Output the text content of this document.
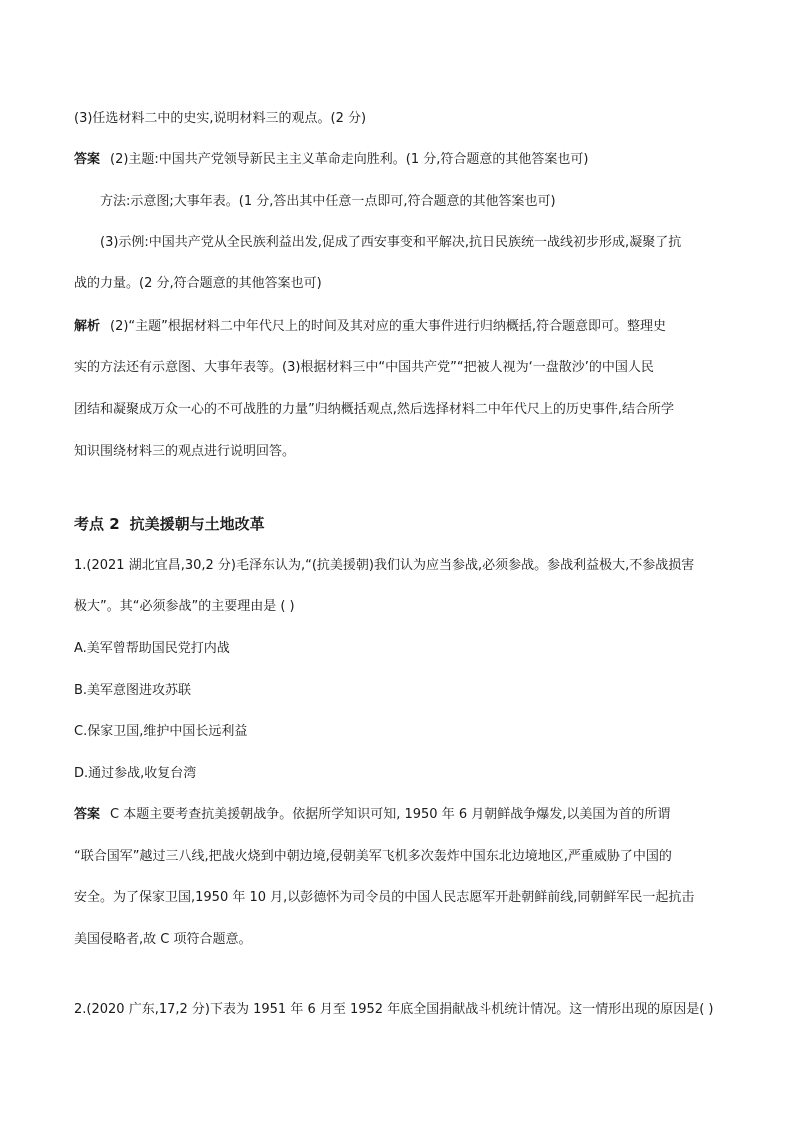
(3)任选材料二中的史实,说明材料三的观点。(2 分)
答案 (2)主题:中国共产党领导新民主主义革命走向胜利。(1 分,符合题意的其他答案也可)
方法:示意图;大事年表。(1 分,答出其中任意一点即可,符合题意的其他答案也可)
(3)示例:中国共产党从全民族利益出发,促成了西安事变和平解决,抗日民族统一战线初步形成,凝聚了抗
战的力量。(2 分,符合题意的其他答案也可)
解析 (2)“主题”根据材料二中年代尺上的时间及其对应的重大事件进行归纳概括,符合题意即可。整理史
实的方法还有示意图、大事年表等。(3)根据材料三中“中国共产党”“把被人视为‘一盘散沙’的中国人民
团结和凝聚成万众一心的不可战胜的力量”归纳概括观点,然后选择材料二中年代尺上的历史事件,结合所学
知识围绕材料三的观点进行说明回答。
考点 2 抗美援朝与土地改革
1.(2021 湖北宜昌,30,2 分)毛泽东认为,“(抗美援朝)我们认为应当参战,必须参战。参战利益极大,不参战损害
极大”。其“必须参战”的主要理由是 ( )
A.美军曾帮助国民党打内战
B.美军意图进攻苏联
C.保家卫国,维护中国长远利益
D.通过参战,收复台湾
答案 C 本题主要考查抗美援朝战争。依据所学知识可知, 1950 年 6 月朝鲜战争爆发,以美国为首的所谓
“联合国军”越过三八线,把战火烧到中朝边境,侵朝美军飞机多次轰炸中国东北边境地区,严重威胁了中国的
安全。为了保家卫国,1950 年 10 月,以彭德怀为司令员的中国人民志愿军开赴朝鲜前线,同朝鲜军民一起抗击
美国侵略者,故 C 项符合题意。
2.(2020 广东,17,2 分)下表为 1951 年 6 月至 1952 年底全国捐献战斗机统计情况。这一情形出现的原因是( )
